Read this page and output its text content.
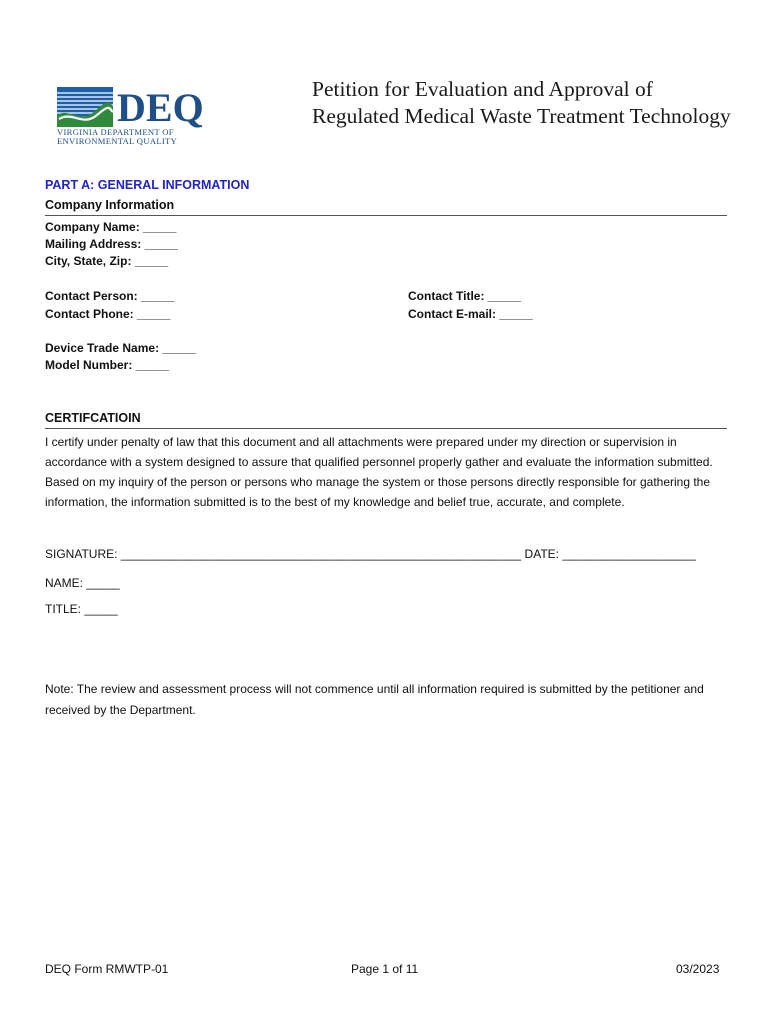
DEQ
VIRGINIA DEPARTMENT OF
ENVIRONMENTAL QUALITY
Petition for Evaluation and Approval of Regulated Medical Waste Treatment Technology
PART A: GENERAL INFORMATION
Company Information
Company Name: _____
Mailing Address: _____
City, State, Zip: _____
Contact Person: _____
Contact Phone: _____
Contact Title: _____
Contact E-mail: _____
Device Trade Name: _____
Model Number: _____
CERTIFCATIOIN
I certify under penalty of law that this document and all attachments were prepared under my direction or supervision in accordance with a system designed to assure that qualified personnel properly gather and evaluate the information submitted. Based on my inquiry of the person or persons who manage the system or those persons directly responsible for gathering the information, the information submitted is to the best of my knowledge and belief true, accurate, and complete.
SIGNATURE: ____________________________________________________________ DATE: ____________________
NAME: _____
TITLE: _____
Note: The review and assessment process will not commence until all information required is submitted by the petitioner and received by the Department.
DEQ Form RMWTP-01	Page 1 of 11	03/2023
